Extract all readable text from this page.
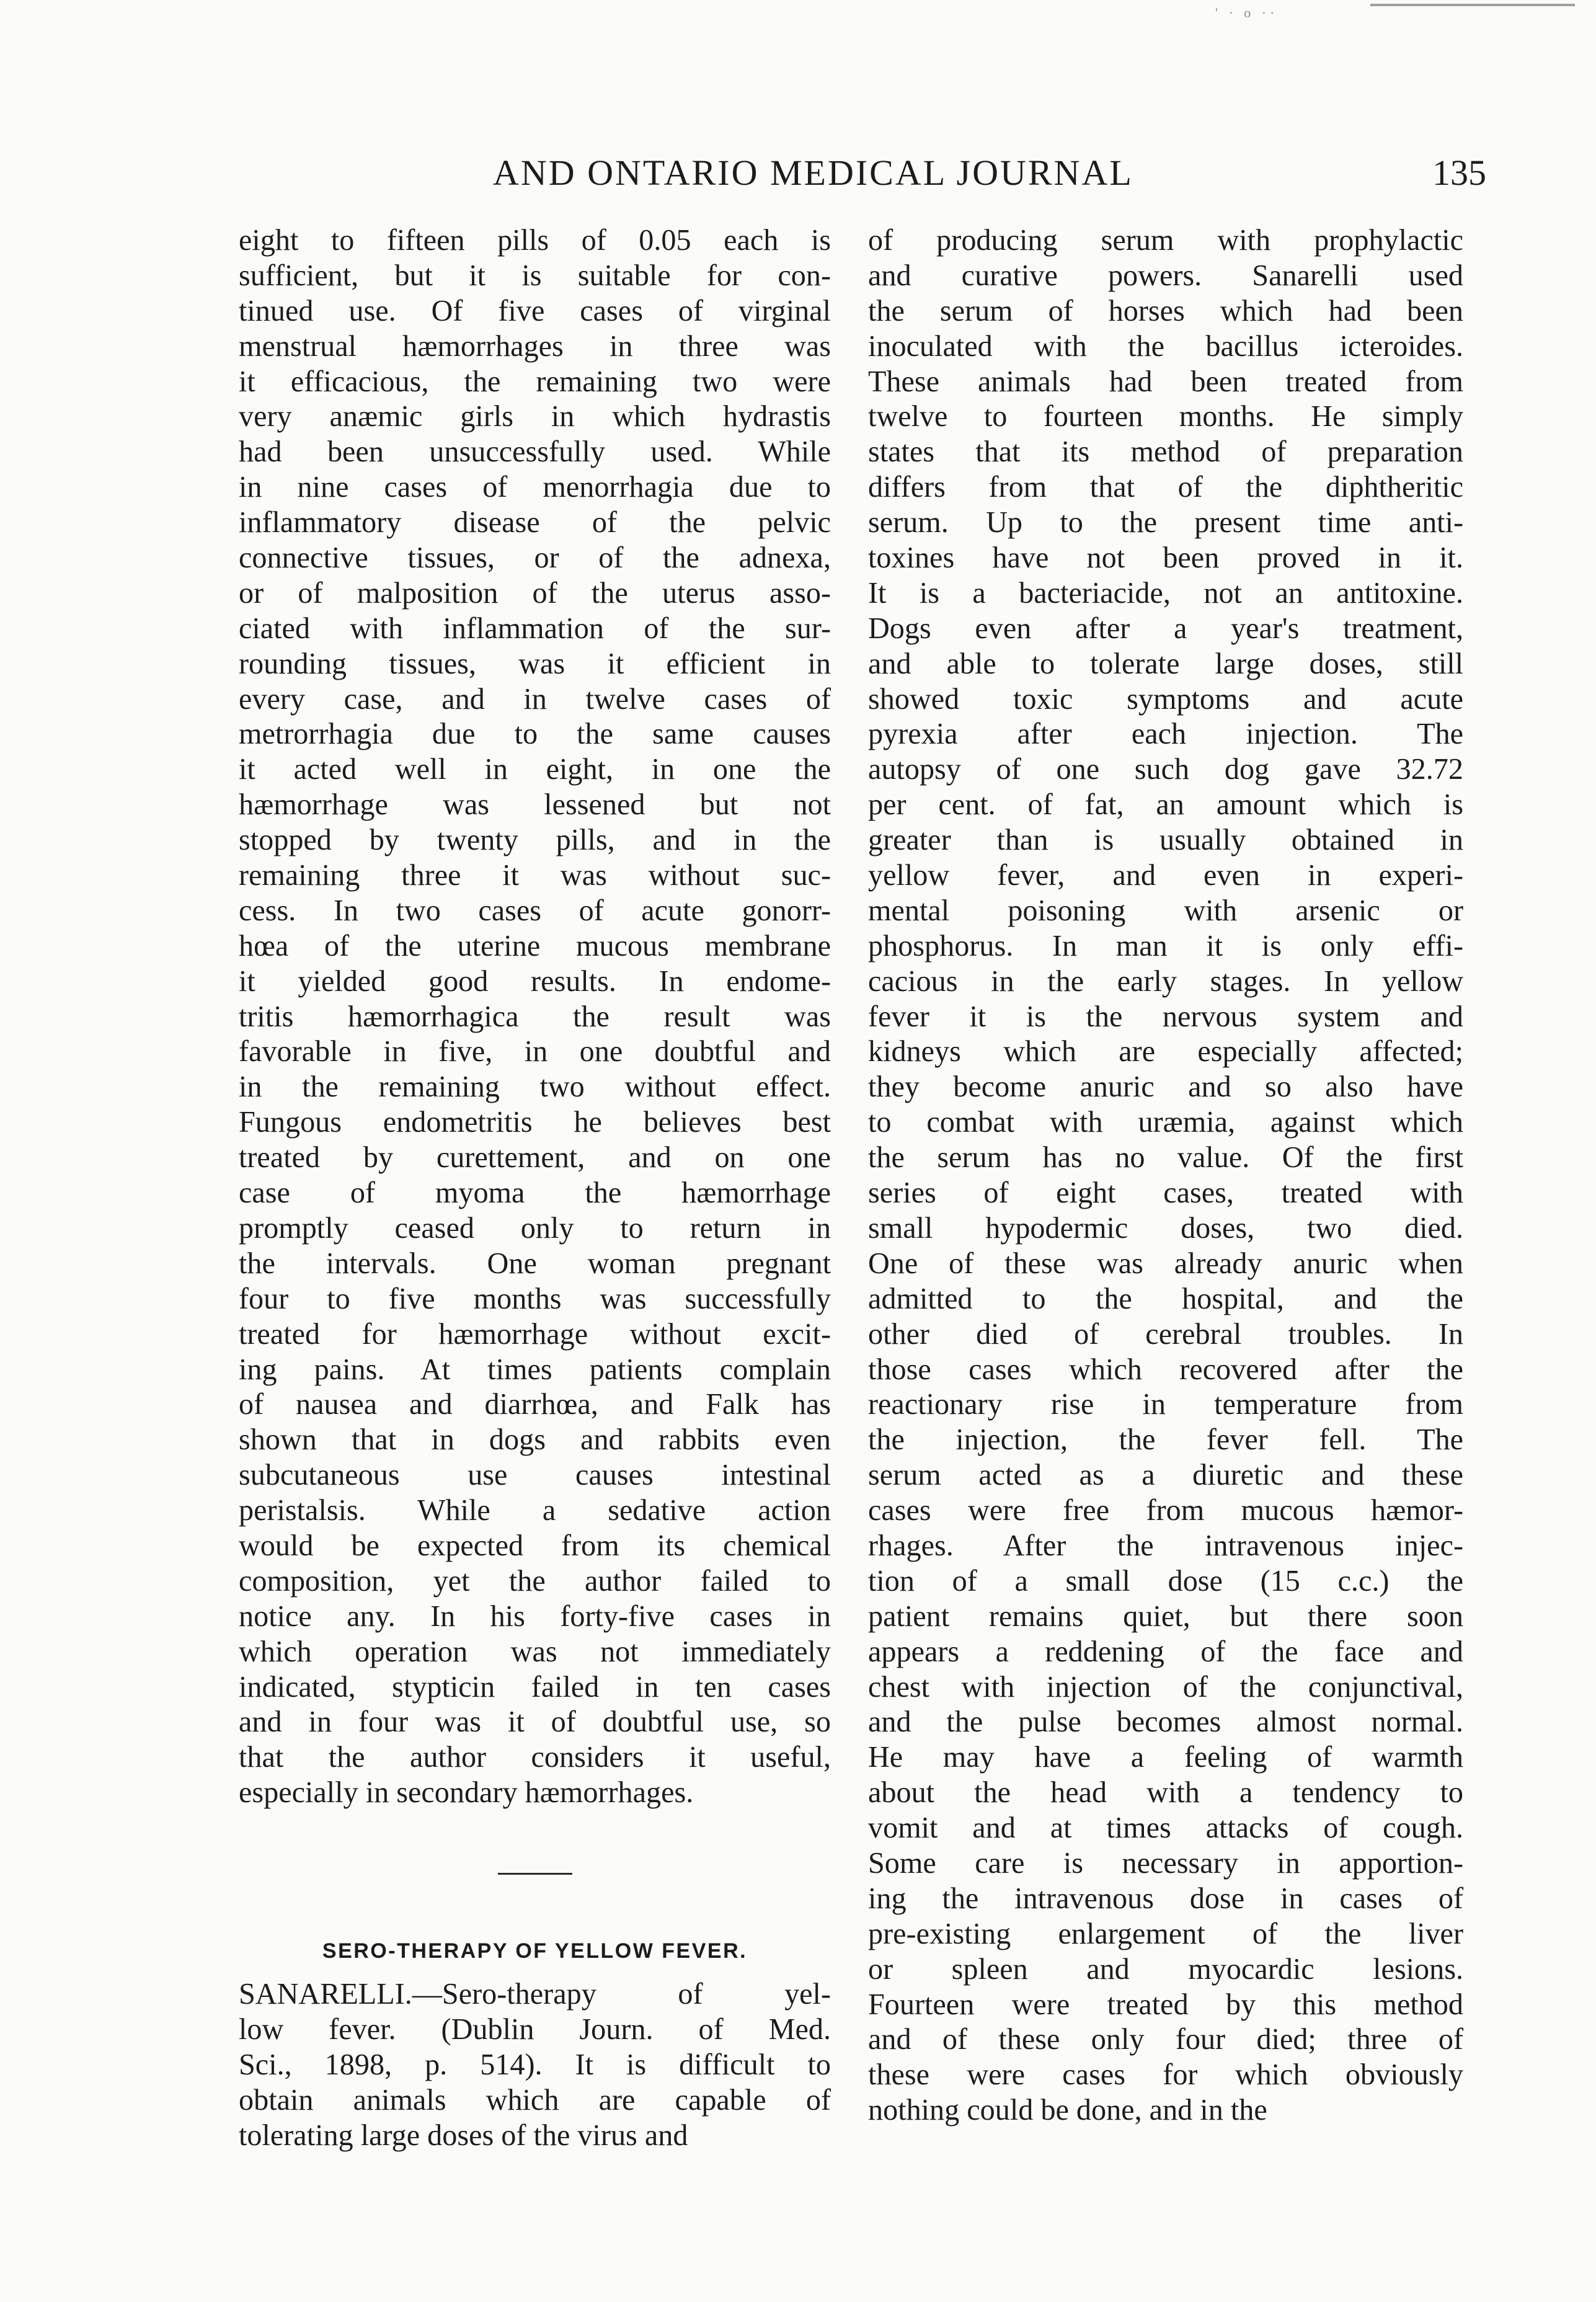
' · o ··
AND ONTARIO MEDICAL JOURNAL	135
eight to fifteen pills of 0.05 each is
sufficient, but it is suitable for con-
tinued use. Of five cases of virginal
menstrual hæmorrhages in three was
it efficacious, the remaining two were
very anæmic girls in which hydrastis
had been unsuccessfully used. While
in nine cases of menorrhagia due to
inflammatory disease of the pelvic
connective tissues, or of the adnexa,
or of malposition of the uterus asso-
ciated with inflammation of the sur-
rounding tissues, was it efficient in
every case, and in twelve cases of
metrorrhagia due to the same causes
it acted well in eight, in one the
hæmorrhage was lessened but not
stopped by twenty pills, and in the
remaining three it was without suc-
cess. In two cases of acute gonorr-
hœa of the uterine mucous membrane
it yielded good results. In endome-
tritis hæmorrhagica the result was
favorable in five, in one doubtful and
in the remaining two without effect.
Fungous endometritis he believes best
treated by curettement, and on one
case of myoma the hæmorrhage
promptly ceased only to return in
the intervals. One woman pregnant
four to five months was successfully
treated for hæmorrhage without excit-
ing pains. At times patients complain
of nausea and diarrhœa, and Falk has
shown that in dogs and rabbits even
subcutaneous use causes intestinal
peristalsis. While a sedative action
would be expected from its chemical
composition, yet the author failed to
notice any. In his forty-five cases in
which operation was not immediately
indicated, stypticin failed in ten cases
and in four was it of doubtful use, so
that the author considers it useful,
especially in secondary hæmorrhages.
SERO-THERAPY OF YELLOW FEVER.
SANARELLI.—Sero-therapy of yel-
low fever. (Dublin Journ. of Med.
Sci., 1898, p. 514). It is difficult to
obtain animals which are capable of
tolerating large doses of the virus and
of producing serum with prophylactic
and curative powers. Sanarelli used
the serum of horses which had been
inoculated with the bacillus icteroides.
These animals had been treated from
twelve to fourteen months. He simply
states that its method of preparation
differs from that of the diphtheritic
serum. Up to the present time anti-
toxines have not been proved in it.
It is a bacteriacide, not an antitoxine.
Dogs even after a year's treatment,
and able to tolerate large doses, still
showed toxic symptoms and acute
pyrexia after each injection. The
autopsy of one such dog gave 32.72
per cent. of fat, an amount which is
greater than is usually obtained in
yellow fever, and even in experi-
mental poisoning with arsenic or
phosphorus. In man it is only effi-
cacious in the early stages. In yellow
fever it is the nervous system and
kidneys which are especially affected;
they become anuric and so also have
to combat with uræmia, against which
the serum has no value. Of the first
series of eight cases, treated with
small hypodermic doses, two died.
One of these was already anuric when
admitted to the hospital, and the
other died of cerebral troubles. In
those cases which recovered after the
reactionary rise in temperature from
the injection, the fever fell. The
serum acted as a diuretic and these
cases were free from mucous hæmor-
rhages. After the intravenous injec-
tion of a small dose (15 c.c.) the
patient remains quiet, but there soon
appears a reddening of the face and
chest with injection of the conjunctival,
and the pulse becomes almost normal.
He may have a feeling of warmth
about the head with a tendency to
vomit and at times attacks of cough.
Some care is necessary in apportion-
ing the intravenous dose in cases of
pre-existing enlargement of the liver
or spleen and myocardic lesions.
Fourteen were treated by this method
and of these only four died; three of
these were cases for which obviously
nothing could be done, and in the
